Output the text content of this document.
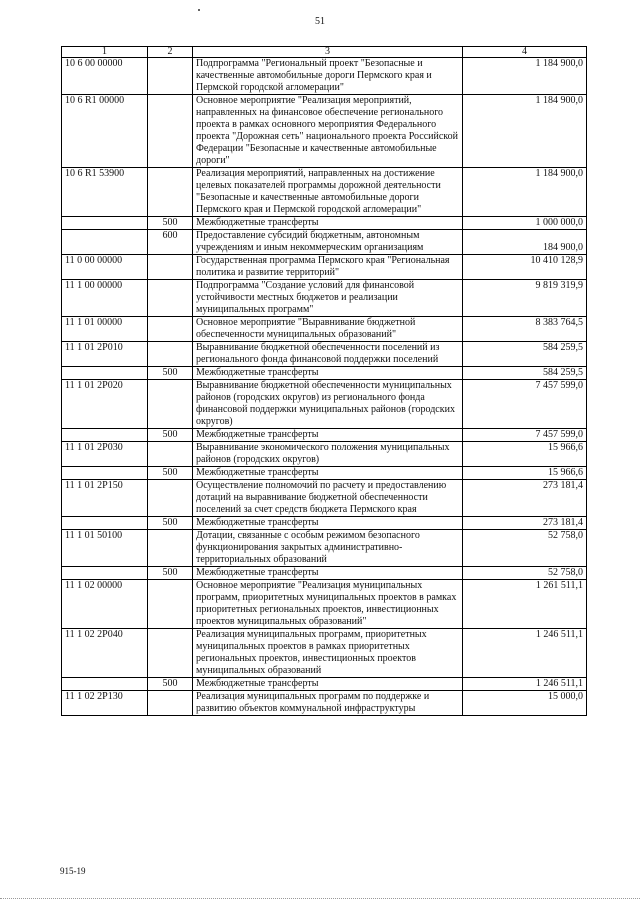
51
1	2	3	4
10 6 00 00000		Подпрограмма "Региональный проект "Безопасные и качественные автомобильные дороги Пермского края и Пермской городской агломерации"	1 184 900,0
10 6 R1 00000		Основное мероприятие "Реализация мероприятий, направленных на финансовое обеспечение регионального проекта в рамках основного мероприятия Федерального проекта "Дорожная сеть" национального проекта Российской Федерации "Безопасные и качественные автомобильные дороги"	1 184 900,0
10 6 R1 53900		Реализация мероприятий, направленных на достижение целевых показателей программы дорожной деятельности "Безопасные и качественные автомобильные дороги Пермского края и Пермской городской агломерации"	1 184 900,0
	500	Межбюджетные трансферты	1 000 000,0
	600	Предоставление субсидий бюджетным, автономным учреждениям и иным некоммерческим организациям	184 900,0
11 0 00 00000		Государственная программа Пермского края "Региональная политика и развитие территорий"	10 410 128,9
11 1 00 00000		Подпрограмма "Создание условий для финансовой устойчивости местных бюджетов и реализации муниципальных программ"	9 819 319,9
11 1 01 00000		Основное мероприятие "Выравнивание бюджетной обеспеченности муниципальных образований"	8 383 764,5
11 1 01 2P010		Выравнивание бюджетной обеспеченности поселений из регионального фонда финансовой поддержки поселений	584 259,5
	500	Межбюджетные трансферты	584 259,5
11 1 01 2P020		Выравнивание бюджетной обеспеченности муниципальных районов (городских округов) из регионального фонда финансовой поддержки муниципальных районов (городских округов)	7 457 599,0
	500	Межбюджетные трансферты	7 457 599,0
11 1 01 2P030		Выравнивание экономического положения муниципальных районов (городских округов)	15 966,6
	500	Межбюджетные трансферты	15 966,6
11 1 01 2P150		Осуществление полномочий по расчету и предоставлению дотаций на выравнивание бюджетной обеспеченности поселений за счет средств бюджета Пермского края	273 181,4
	500	Межбюджетные трансферты	273 181,4
11 1 01 50100		Дотации, связанные с особым режимом безопасного функционирования закрытых административно-территориальных образований	52 758,0
	500	Межбюджетные трансферты	52 758,0
11 1 02 00000		Основное мероприятие "Реализация муниципальных программ, приоритетных муниципальных проектов в рамках приоритетных региональных проектов, инвестиционных проектов муниципальных образований"	1 261 511,1
11 1 02 2P040		Реализация муниципальных программ, приоритетных муниципальных проектов в рамках приоритетных региональных проектов, инвестиционных проектов муниципальных образований	1 246 511,1
	500	Межбюджетные трансферты	1 246 511,1
11 1 02 2P130		Реализация муниципальных программ по поддержке и развитию объектов коммунальной инфраструктуры	15 000,0
915-19
